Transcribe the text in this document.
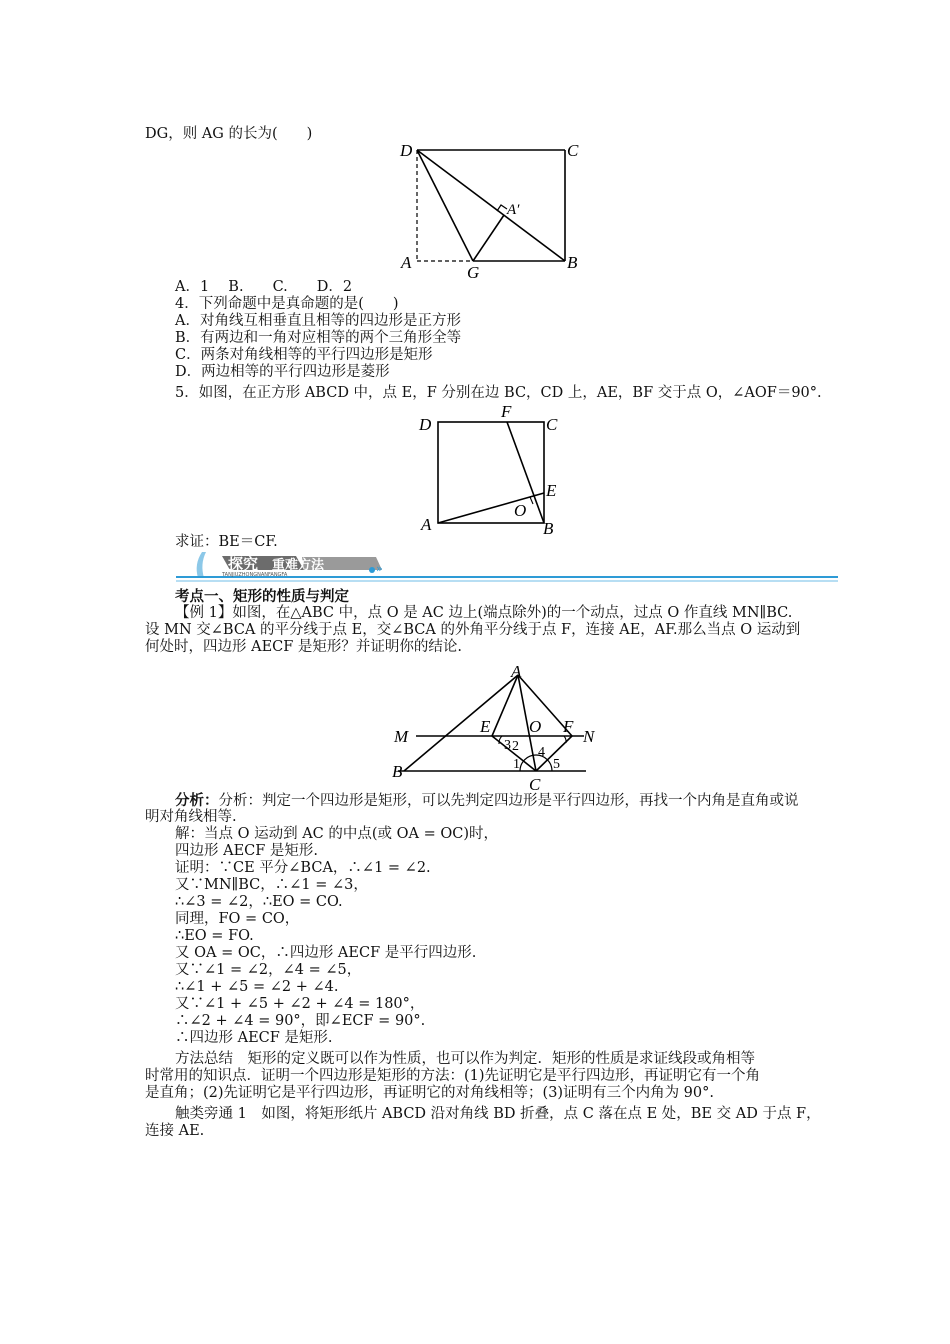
DG，则 AG 的长为(　　)
D	C
A′
A
G
B
A．1　 B.　　C.　　D．2
4．下列命题中是真命题的是(　　)
A．对角线互相垂直且相等的四边形是正方形
B．有两边和一角对应相等的两个三角形全等
C．两条对角线相等的平行四边形是矩形
D．两边相等的平行四边形是菱形
5．如图，在正方形 ABCD 中，点 E，F 分别在边 BC，CD 上，AE，BF 交于点 O，∠AOF＝90°.
D
F
C
E
O
A	B
求证：BE＝CF.
探究 重难方法
TANJIUZHONGNANFANGFA	»
考点一、矩形的性质与判定
【例 1】如图，在△ABC 中，点 O 是 AC 边上(端点除外)的一个动点，过点 O 作直线 MN∥BC.
设 MN 交∠BCA 的平分线于点 E，交∠BCA 的外角平分线于点 F，连接 AE，AF.那么当点 O 运动到
何处时，四边形 AECF 是矩形？并证明你的结论.
A
M
E O F
N
B
C
1
2
3 4
5
分析：分析：判定一个四边形是矩形，可以先判定四边形是平行四边形，再找一个内角是直角或说
明对角线相等.
解：当点 O 运动到 AC 的中点(或 OA = OC)时，
四边形 AECF 是矩形.
证明：∵CE 平分∠BCA，∴∠1 = ∠2.
又∵MN∥BC，∴∠1 = ∠3，
∴∠3 = ∠2，∴EO = CO.
同理，FO = CO，
∴EO = FO.
又 OA = OC，∴四边形 AECF 是平行四边形.
又∵∠1 = ∠2，∠4 = ∠5，
∴∠1 + ∠5 = ∠2 + ∠4.
又∵∠1 + ∠5 + ∠2 + ∠4 = 180°，
∴∠2 + ∠4 = 90°，即∠ECF = 90°.
∴四边形 AECF 是矩形.
方法总结　矩形的定义既可以作为性质，也可以作为判定．矩形的性质是求证线段或角相等
时常用的知识点．证明一个四边形是矩形的方法：(1)先证明它是平行四边形，再证明它有一个角
是直角；(2)先证明它是平行四边形，再证明它的对角线相等；(3)证明有三个内角为 90°.
触类旁通 1　如图，将矩形纸片 ABCD 沿对角线 BD 折叠，点 C 落在点 E 处，BE 交 AD 于点 F，
连接 AE.
